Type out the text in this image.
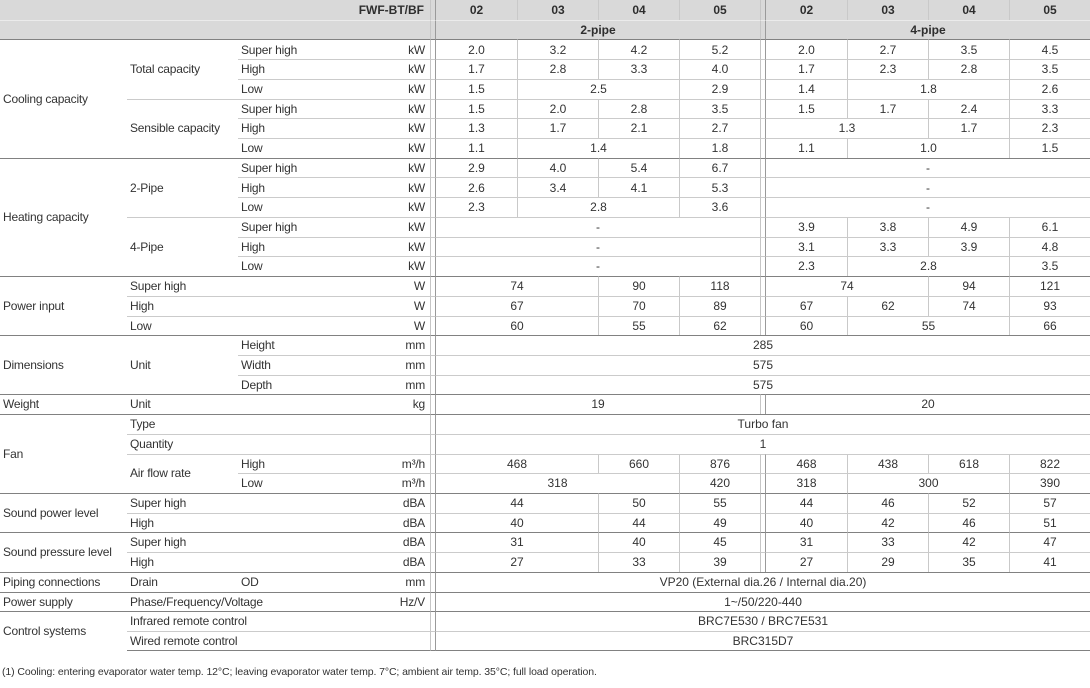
FWF-BT/BF					02	03	04	05		02	03	04	05
					2-pipe					4-pipe			
Cooling capacity	Total capacity	Super high	kW		2.0	3.2	4.2	5.2		2.0	2.7	3.5	4.5
		High	kW		1.7	2.8	3.3	4.0		1.7	2.3	2.8	3.5
		Low	kW		1.5	2.5		2.9		1.4	1.8		2.6
	Sensible capacity	Super high	kW		1.5	2.0	2.8	3.5		1.5	1.7	2.4	3.3
		High	kW		1.3	1.7	2.1	2.7		1.3		1.7	2.3
		Low	kW		1.1	1.4		1.8		1.1	1.0		1.5
Heating capacity	2-Pipe	Super high	kW		2.9	4.0	5.4	6.7		-			
		High	kW		2.6	3.4	4.1	5.3		-			
		Low	kW		2.3	2.8		3.6		-			
	4-Pipe	Super high	kW		-					3.9	3.8	4.9	6.1
		High	kW		-					3.1	3.3	3.9	4.8
		Low	kW		-					2.3	2.8		3.5
Power input	Super high		W		74		90	118		74		94	121
	High		W		67		70	89		67	62	74	93
	Low		W		60		55	62		60	55		66
Dimensions	Unit	Height	mm		285								
		Width	mm		575								
		Depth	mm		575								
Weight	Unit		kg		19					20			
Fan	Type				Turbo fan								
	Quantity				1								
	Air flow rate	High	m³/h		468		660	876		468	438	618	822
		Low	m³/h		318			420		318	300		390
Sound power level	Super high		dBA		44		50	55		44	46	52	57
	High		dBA		40		44	49		40	42	46	51
Sound pressure level	Super high		dBA		31		40	45		31	33	42	47
	High		dBA		27		33	39		27	29	35	41
Piping connections	Drain	OD	mm		VP20 (External dia.26 / Internal dia.20)								
Power supply	Phase/Frequency/Voltage		Hz/V		1~/50/220-440								
Control systems	Infrared remote control				BRC7E530 / BRC7E531								
	Wired remote control				BRC315D7								
(1) Cooling: entering evaporator water temp. 12°C; leaving evaporator water temp. 7°C; ambient air temp. 35°C; full load operation.
